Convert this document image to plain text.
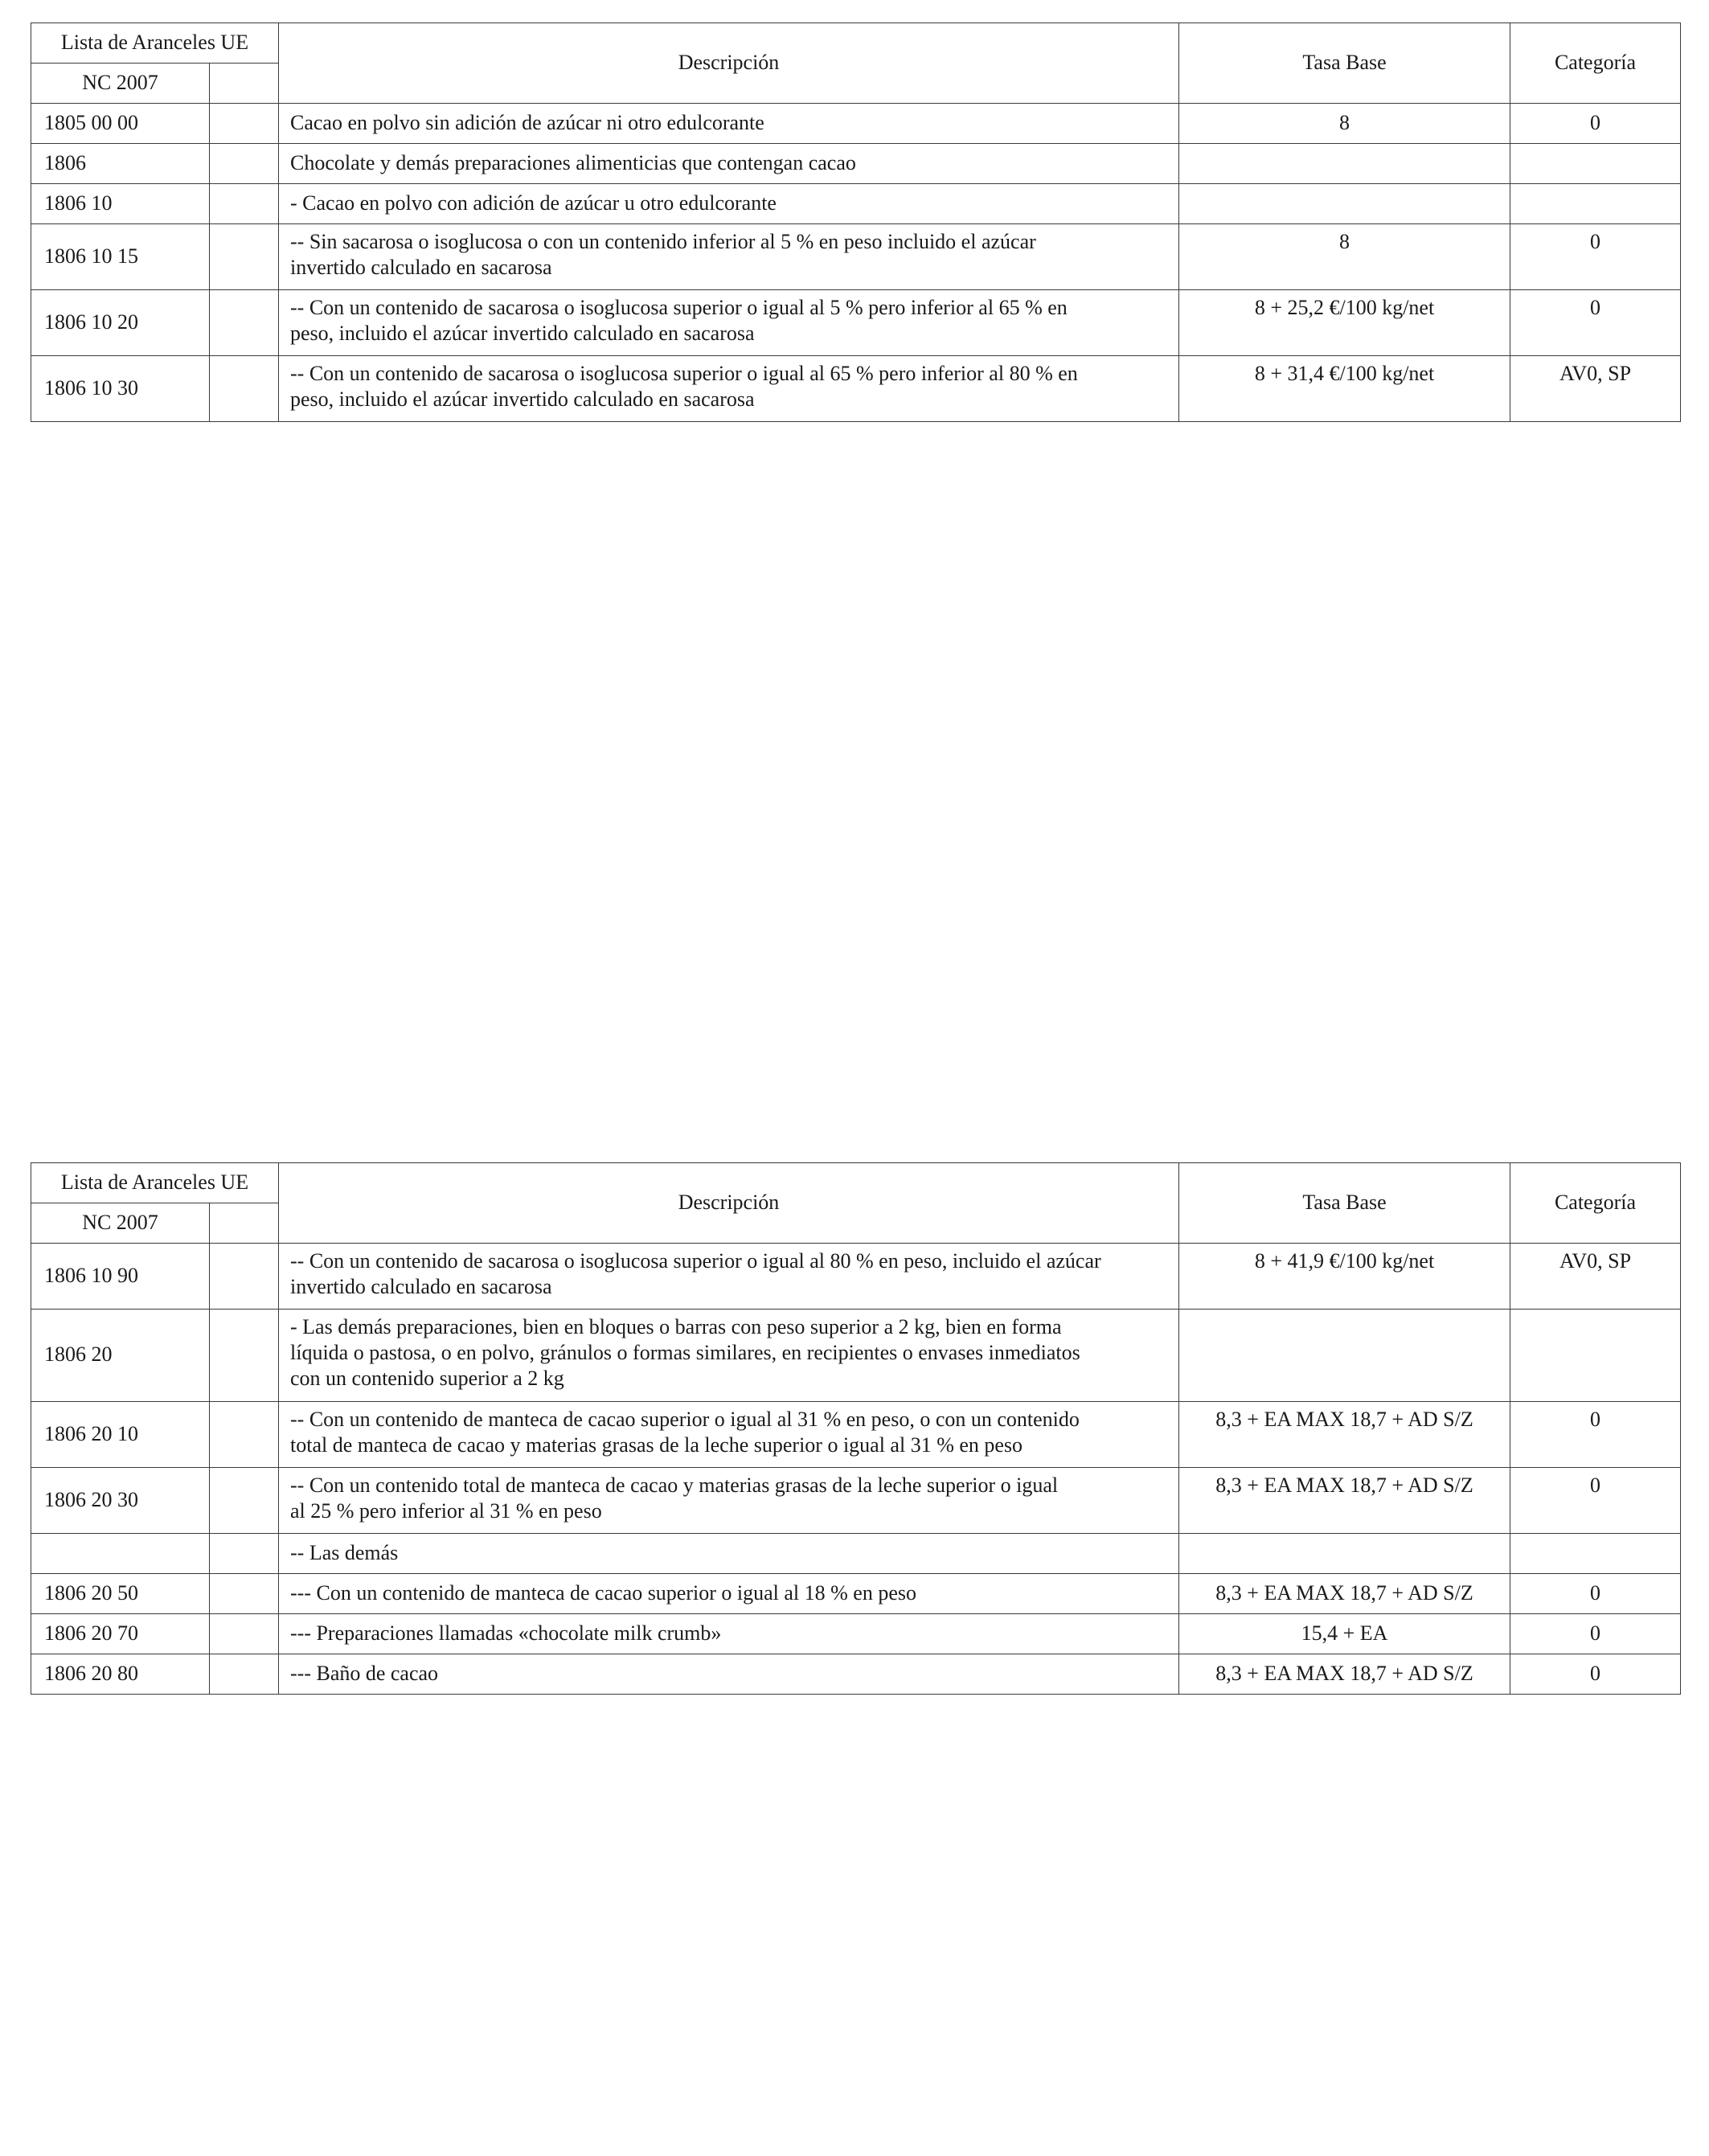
Lista de Aranceles UE		Descripción	Tasa Base	Categoría
NC 2007				
1805 00 00		Cacao en polvo sin adición de azúcar ni otro edulcorante	8	0
1806		Chocolate y demás preparaciones alimenticias que contengan cacao		
1806 10		- Cacao en polvo con adición de azúcar u otro edulcorante		
1806 10 15		-- Sin sacarosa o isoglucosa o con un contenido inferior al 5 % en peso incluido el azúcar
invertido calculado en sacarosa	8	0
1806 10 20		-- Con un contenido de sacarosa o isoglucosa superior o igual al 5 % pero inferior al 65 % en
peso, incluido el azúcar invertido calculado en sacarosa	8 + 25,2 €/100 kg/net	0
1806 10 30		-- Con un contenido de sacarosa o isoglucosa superior o igual al 65 % pero inferior al 80 % en
peso, incluido el azúcar invertido calculado en sacarosa	8 + 31,4 €/100 kg/net	AV0, SP
Lista de Aranceles UE		Descripción	Tasa Base	Categoría
NC 2007				
1806 10 90		-- Con un contenido de sacarosa o isoglucosa superior o igual al 80 % en peso, incluido el azúcar
invertido calculado en sacarosa	8 + 41,9 €/100 kg/net	AV0, SP
1806 20		- Las demás preparaciones, bien en bloques o barras con peso superior a 2 kg, bien en forma
líquida o pastosa, o en polvo, gránulos o formas similares, en recipientes o envases inmediatos
con un contenido superior a 2 kg		

1806 20 10		-- Con un contenido de manteca de cacao superior o igual al 31 % en peso, o con un contenido
total de manteca de cacao y materias grasas de la leche superior o igual al 31 % en peso	8,3 + EA MAX 18,7 + AD S/Z	0
1806 20 30		-- Con un contenido total de manteca de cacao y materias grasas de la leche superior o igual
al 25 % pero inferior al 31 % en peso	8,3 + EA MAX 18,7 + AD S/Z	0
		-- Las demás		
1806 20 50		--- Con un contenido de manteca de cacao superior o igual al 18 % en peso	8,3 + EA MAX 18,7 + AD S/Z	0
1806 20 70		--- Preparaciones llamadas «chocolate milk crumb»	15,4 + EA	0
1806 20 80		--- Baño de cacao	8,3 + EA MAX 18,7 + AD S/Z	0
